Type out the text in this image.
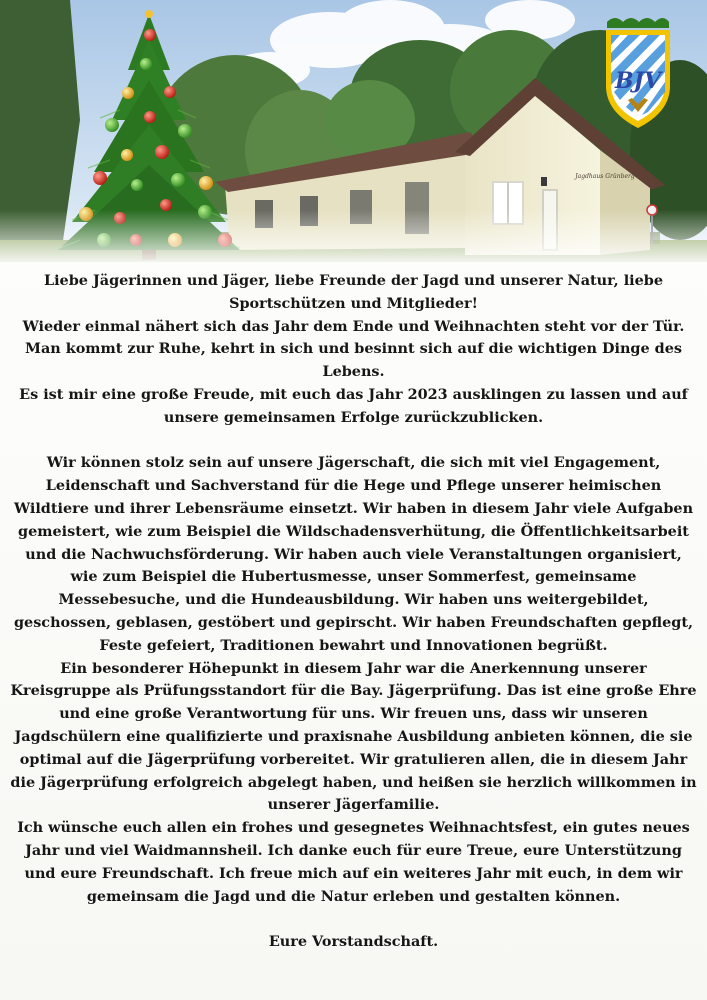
Liebe Jägerinnen und Jäger, liebe Freunde der Jagd und unserer Natur, liebe Sportschützen und Mitglieder!

Wieder einmal nähert sich das Jahr dem Ende und Weihnachten steht vor der Tür. Man kommt zur Ruhe, kehrt in sich und besinnt sich auf die wichtigen Dinge des Lebens.

Es ist mir eine große Freude, mit euch das Jahr 2023 ausklingen zu lassen und auf unsere gemeinsamen Erfolge zurückzublicken.

Wir können stolz sein auf unsere Jägerschaft, die sich mit viel Engagement, Leidenschaft und Sachverstand für die Hege und Pflege unserer heimischen Wildtiere und ihrer Lebensräume einsetzt. Wir haben in diesem Jahr viele Aufgaben gemeistert, wie zum Beispiel die Wildschadensverhütung, die Öffentlichkeitsarbeit und die Nachwuchsförderung. Wir haben auch viele Veranstaltungen organisiert, wie zum Beispiel die Hubertusmesse, unser Sommerfest, gemeinsame Messebesuche, und die Hundeausbildung. Wir haben uns weitergebildet, geschossen, geblasen, gestöbert und gepirscht. Wir haben Freundschaften gepflegt, Feste gefeiert, Traditionen bewahrt und Innovationen begrüßt.

Ein besonderer Höhepunkt in diesem Jahr war die Anerkennung unserer Kreisgruppe als Prüfungsstandort für die Bay. Jägerprüfung. Das ist eine große Ehre und eine große Verantwortung für uns. Wir freuen uns, dass wir unseren Jagdschülern eine qualifizierte und praxisnahe Ausbildung anbieten können, die sie optimal auf die Jägerprüfung vorbereitet. Wir gratulieren allen, die in diesem Jahr die Jägerprüfung erfolgreich abgelegt haben, und heißen sie herzlich willkommen in unserer Jägerfamilie.

Ich wünsche euch allen ein frohes und gesegnetes Weihnachtsfest, ein gutes neues Jahr und viel Waidmannsheil. Ich danke euch für eure Treue, eure Unterstützung und eure Freundschaft. Ich freue mich auf ein weiteres Jahr mit euch, in dem wir gemeinsam die Jagd und die Natur erleben und gestalten können.

Eure Vorstandschaft.
